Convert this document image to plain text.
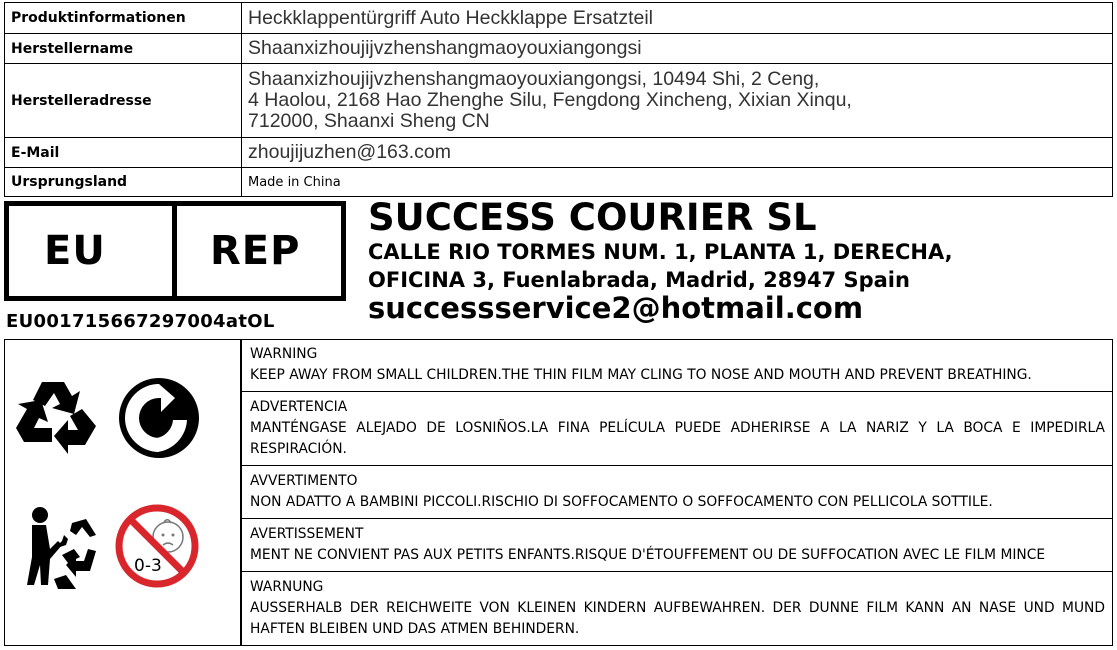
Produktinformationen	Heckklappentürgriff Auto Heckklappe Ersatzteil
Herstellername	Shaanxizhoujijvzhenshangmaoyouxiangongsi
Herstelleradresse	Shaanxizhoujijvzhenshangmaoyouxiangongsi, 10494 Shi, 2 Ceng,
4 Haolou, 2168 Hao Zhenghe Silu, Fengdong Xincheng, Xixian Xinqu,
712000, Shaanxi Sheng CN

E-Mail	zhoujijuzhen@163.com
Ursprungsland	Made in China
EU	REP
SUCCESS COURIER SL
CALLE RIO TORMES NUM. 1, PLANTA 1, DERECHA,
OFICINA 3, Fuenlabrada, Madrid, 28947 Spain
successservice2@hotmail.com
EU001715667297004atOL
0-3
WARNING
KEEP AWAY FROM SMALL CHILDREN.THE THIN FILM MAY CLING TO NOSE AND MOUTH AND PREVENT BREATHING.
ADVERTENCIA
MANTÉNGASE ALEJADO DE LOSNIÑOS.LA FINA PELÍCULA PUEDE ADHERIRSE A LA NARIZ Y LA BOCA E IMPEDIRLA RESPIRACIÓN.
AVVERTIMENTO
NON ADATTO A BAMBINI PICCOLI.RISCHIO DI SOFFOCAMENTO O SOFFOCAMENTO CON PELLICOLA SOTTILE.
AVERTISSEMENT
MENT NE CONVIENT PAS AUX PETITS ENFANTS.RISQUE D'ÉTOUFFEMENT OU DE SUFFOCATION AVEC LE FILM MINCE
WARNUNG
AUSSERHALB DER REICHWEITE VON KLEINEN KINDERN AUFBEWAHREN. DER DUNNE FILM KANN AN NASE UND MUND HAFTEN BLEIBEN UND DAS ATMEN BEHINDERN.
